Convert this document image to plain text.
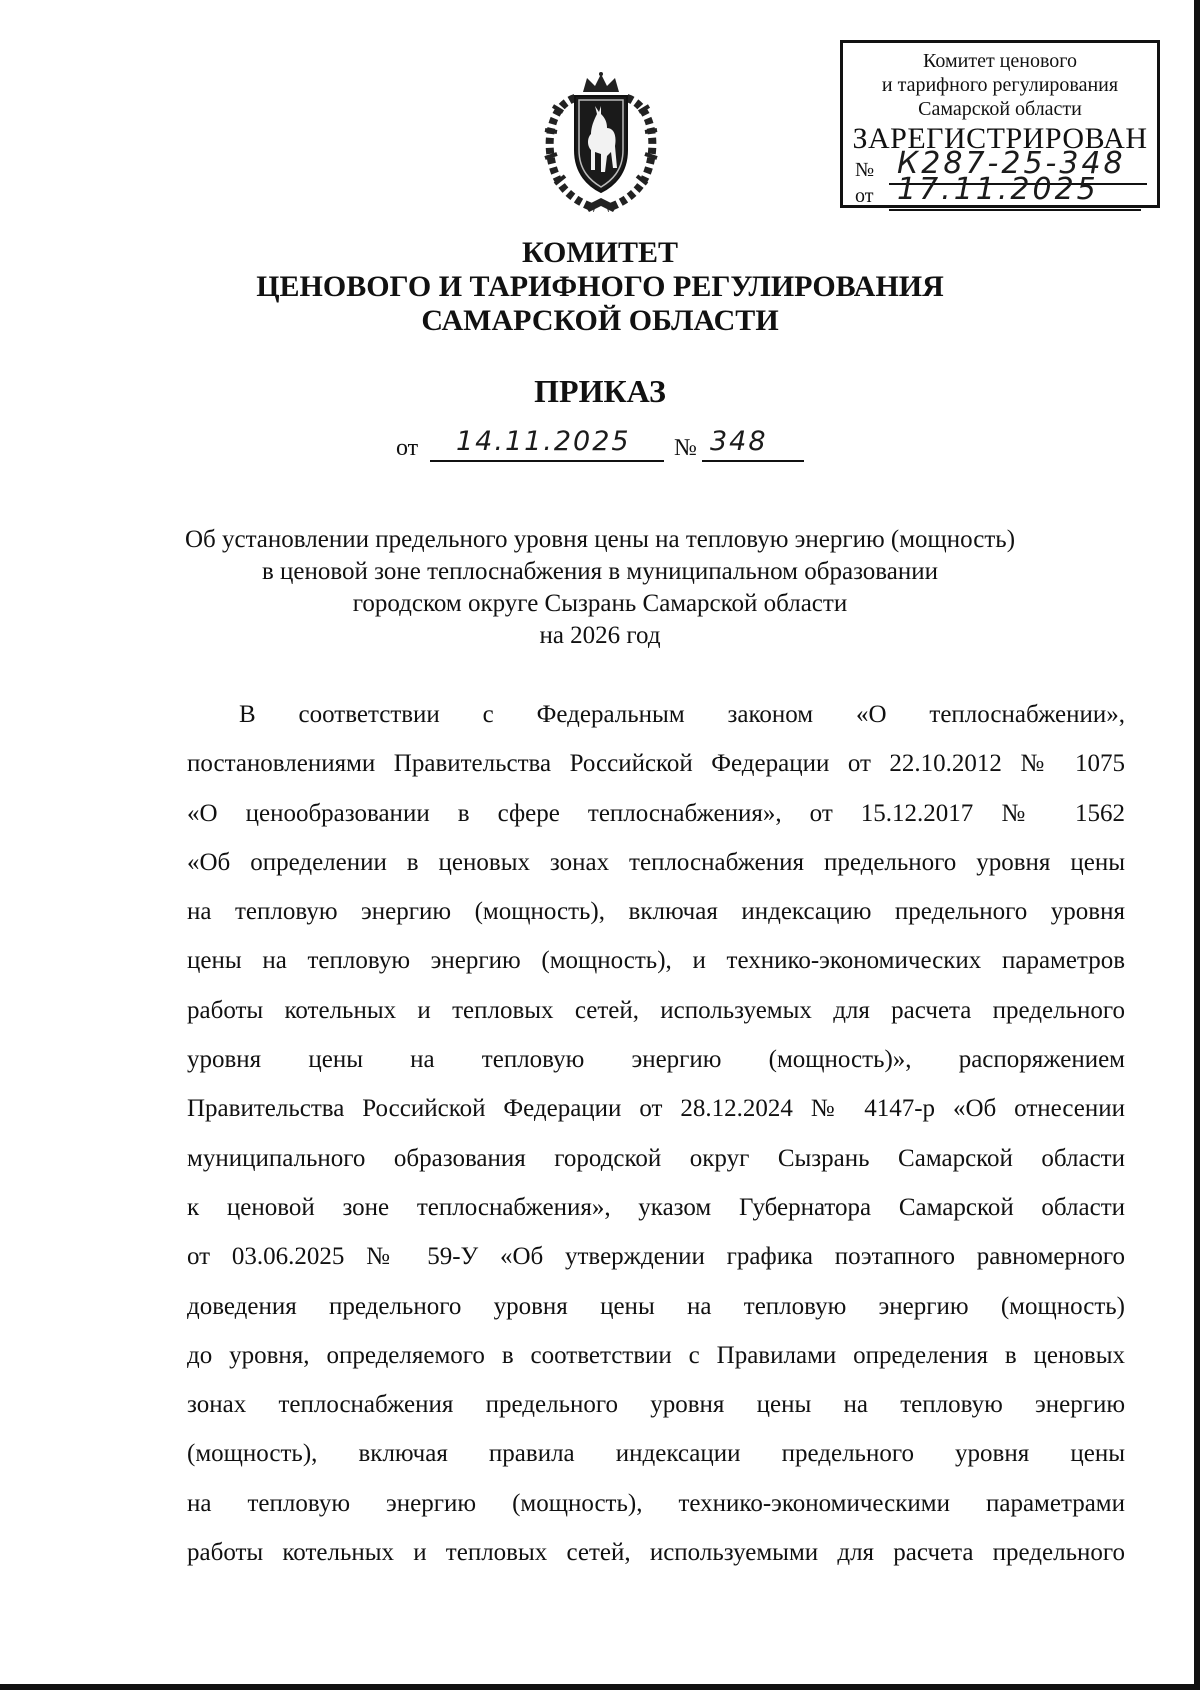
Комитет ценового
и тарифного регулирования
Самарской области
ЗАРЕГИСТРИРОВАН
№ К287-25-348
от 17.11.2025
КОМИТЕТ
ЦЕНОВОГО И ТАРИФНОГО РЕГУЛИРОВАНИЯ
САМАРСКОЙ ОБЛАСТИ
ПРИКАЗ
от 14.11.2025 № 348
Об установлении предельного уровня цены на тепловую энергию (мощность)
в ценовой зоне теплоснабжения в муниципальном образовании
городском округе Сызрань Самарской области
на 2026 год
В соответствии с Федеральным законом «О теплоснабжении»,
постановлениями Правительства Российской Федерации от 22.10.2012 № 1075
«О ценообразовании в сфере теплоснабжения», от 15.12.2017 № 1562
«Об определении в ценовых зонах теплоснабжения предельного уровня цены
на тепловую энергию (мощность), включая индексацию предельного уровня
цены на тепловую энергию (мощность), и технико-экономических параметров
работы котельных и тепловых сетей, используемых для расчета предельного
уровня цены на тепловую энергию (мощность)», распоряжением
Правительства Российской Федерации от 28.12.2024 № 4147-р «Об отнесении
муниципального образования городской округ Сызрань Самарской области
к ценовой зоне теплоснабжения», указом Губернатора Самарской области
от 03.06.2025 № 59-У «Об утверждении графика поэтапного равномерного
доведения предельного уровня цены на тепловую энергию (мощность)
до уровня, определяемого в соответствии с Правилами определения в ценовых
зонах теплоснабжения предельного уровня цены на тепловую энергию
(мощность), включая правила индексации предельного уровня цены
на тепловую энергию (мощность), технико-экономическими параметрами
работы котельных и тепловых сетей, используемыми для расчета предельного
